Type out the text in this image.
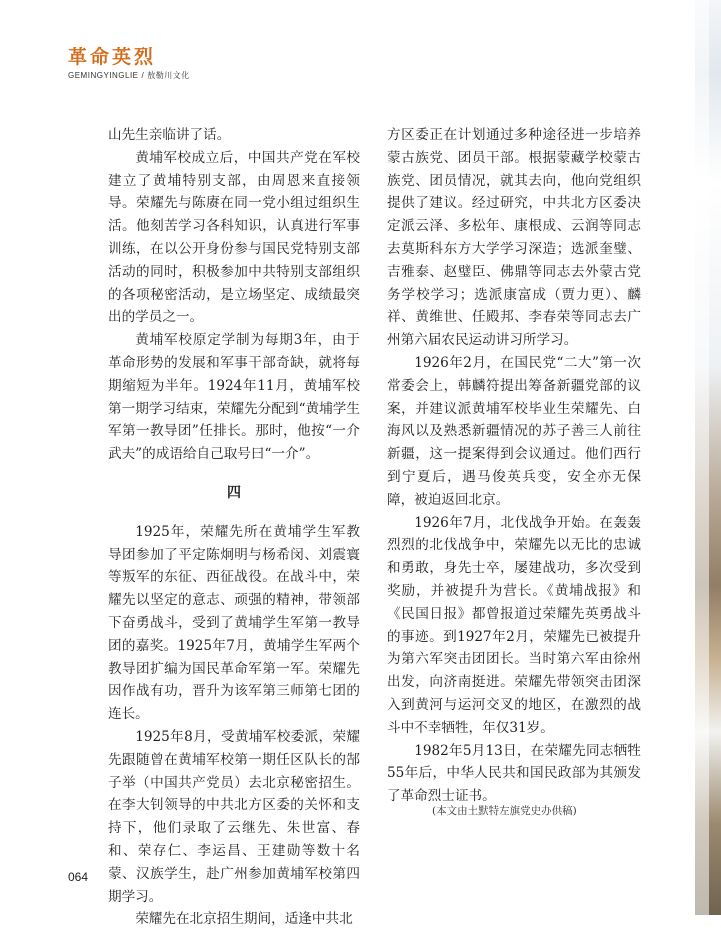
革命英烈
GEMINGYINGLIE / 敖勒川文化

山先生亲临讲了话。

黄埔军校成立后，中国共产党在军校建立了黄埔特别支部，由周恩来直接领导。荣耀先与陈赓在同一党小组过组织生活。他刻苦学习各科知识，认真进行军事训练，在以公开身份参与国民党特别支部活动的同时，积极参加中共特别支部组织的各项秘密活动，是立场坚定、成绩最突出的学员之一。

黄埔军校原定学制为每期3年，由于革命形势的发展和军事干部奇缺，就将每期缩短为半年。1924年11月，黄埔军校第一期学习结束，荣耀先分配到“黄埔学生军第一教导团”任排长。那时，他按“一介武夫”的成语给自己取号曰“一介”。

四

1925年，荣耀先所在黄埔学生军教导团参加了平定陈炯明与杨希闵、刘震寰等叛军的东征、西征战役。在战斗中，荣耀先以坚定的意志、顽强的精神，带领部下奋勇战斗，受到了黄埔学生军第一教导团的嘉奖。1925年7月，黄埔学生军两个教导团扩编为国民革命军第一军。荣耀先因作战有功，晋升为该军第三师第七团的连长。

1925年8月，受黄埔军校委派，荣耀先跟随曾在黄埔军校第一期任区队长的郜子举（中国共产党员）去北京秘密招生。在李大钊领导的中共北方区委的关怀和支持下，他们录取了云继先、朱世富、春和、荣存仁、李运昌、王建勋等数十名蒙、汉族学生，赴广州参加黄埔军校第四期学习。

荣耀先在北京招生期间，适逢中共北

方区委正在计划通过多种途径进一步培养蒙古族党、团员干部。根据蒙藏学校蒙古族党、团员情况，就其去向，他向党组织提供了建议。经过研究，中共北方区委决定派云泽、多松年、康根成、云润等同志去莫斯科东方大学学习深造；选派奎璧、吉雅泰、赵璧臣、佛鼎等同志去外蒙古党务学校学习；选派康富成（贾力更）、麟祥、黄维世、任殿邦、李春荣等同志去广州第六届农民运动讲习所学习。

1926年2月，在国民党“二大”第一次常委会上，韩麟符提出筹备新疆党部的议案，并建议派黄埔军校毕业生荣耀先、白海风以及熟悉新疆情况的苏子善三人前往新疆，这一提案得到会议通过。他们西行到宁夏后，遇马俊英兵变，安全亦无保障，被迫返回北京。

1926年7月，北伐战争开始。在轰轰烈烈的北伐战争中，荣耀先以无比的忠诚和勇敢，身先士卒，屡建战功，多次受到奖励，并被提升为营长。《黄埔战报》和《民国日报》都曾报道过荣耀先英勇战斗的事迹。到1927年2月，荣耀先已被提升为第六军突击团团长。当时第六军由徐州出发，向济南挺进。荣耀先带领突击团深入到黄河与运河交叉的地区，在激烈的战斗中不幸牺牲，年仅31岁。

1982年5月13日，在荣耀先同志牺牲55年后，中华人民共和国民政部为其颁发了革命烈士证书。

(本文由土默特左旗党史办供稿)
064
